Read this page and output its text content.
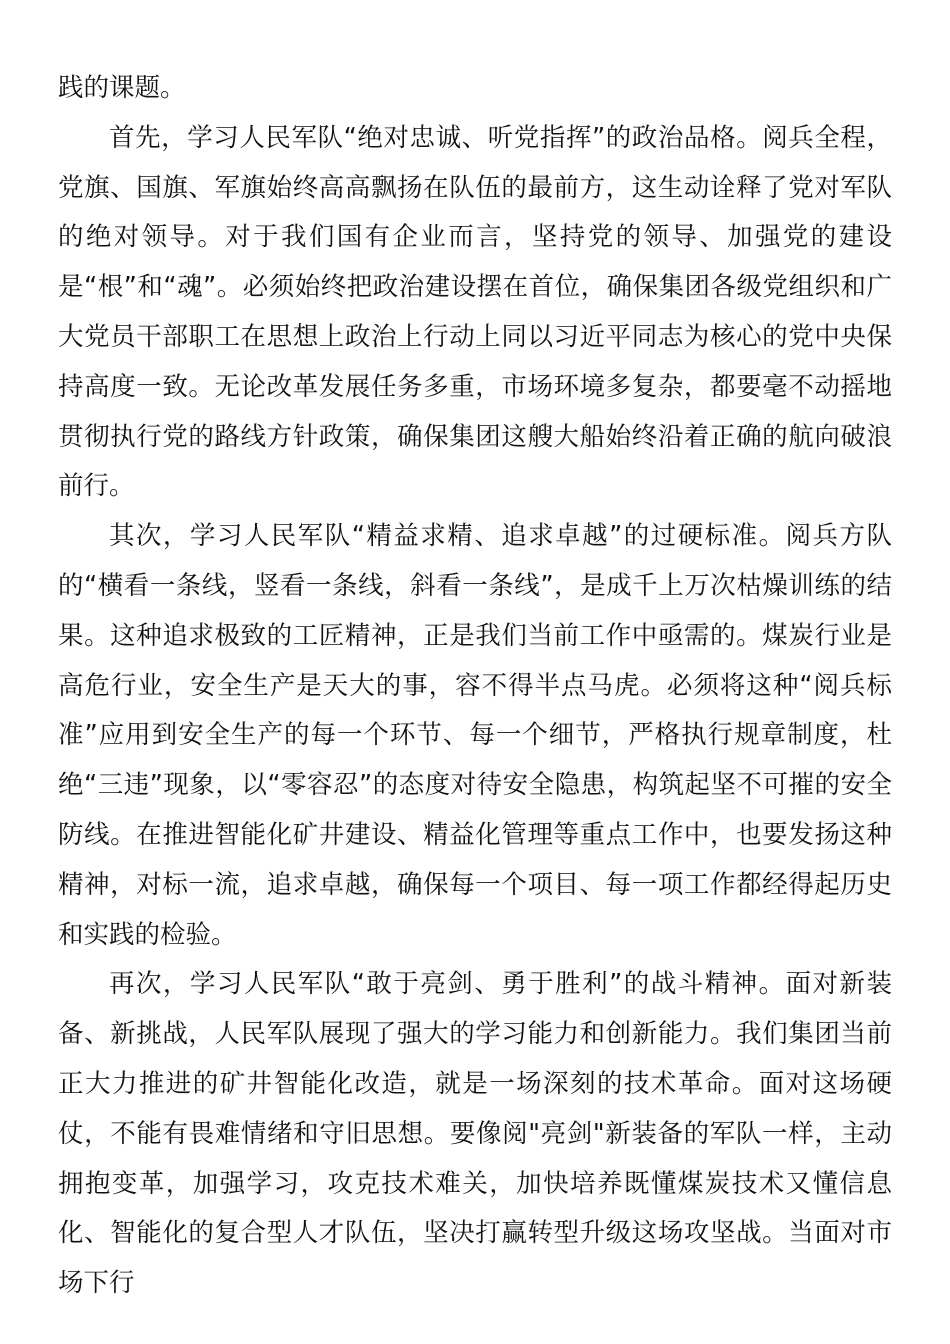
践的课题。

首先，学习人民军队“绝对忠诚、听党指挥”的政治品格。阅兵全程，党旗、国旗、军旗始终高高飘扬在队伍的最前方，这生动诠释了党对军队的绝对领导。对于我们国有企业而言，坚持党的领导、加强党的建设是“根”和“魂”。必须始终把政治建设摆在首位，确保集团各级党组织和广大党员干部职工在思想上政治上行动上同以习近平同志为核心的党中央保持高度一致。无论改革发展任务多重，市场环境多复杂，都要毫不动摇地贯彻执行党的路线方针政策，确保集团这艘大船始终沿着正确的航向破浪前行。

其次，学习人民军队“精益求精、追求卓越”的过硬标准。阅兵方队的“横看一条线，竖看一条线，斜看一条线”，是成千上万次枯燥训练的结果。这种追求极致的工匠精神，正是我们当前工作中亟需的。煤炭行业是高危行业，安全生产是天大的事，容不得半点马虎。必须将这种“阅兵标准”应用到安全生产的每一个环节、每一个细节，严格执行规章制度，杜绝“三违”现象，以“零容忍”的态度对待安全隐患，构筑起坚不可摧的安全防线。在推进智能化矿井建设、精益化管理等重点工作中，也要发扬这种精神，对标一流，追求卓越，确保每一个项目、每一项工作都经得起历史和实践的检验。

再次，学习人民军队“敢于亮剑、勇于胜利”的战斗精神。面对新装备、新挑战，人民军队展现了强大的学习能力和创新能力。我们集团当前正大力推进的矿井智能化改造，就是一场深刻的技术革命。面对这场硬仗，不能有畏难情绪和守旧思想。要像阅"亮剑"新装备的军队一样，主动拥抱变革，加强学习，攻克技术难关，加快培养既懂煤炭技术又懂信息化、智能化的复合型人才队伍，坚决打赢转型升级这场攻坚战。当面对市场下行
